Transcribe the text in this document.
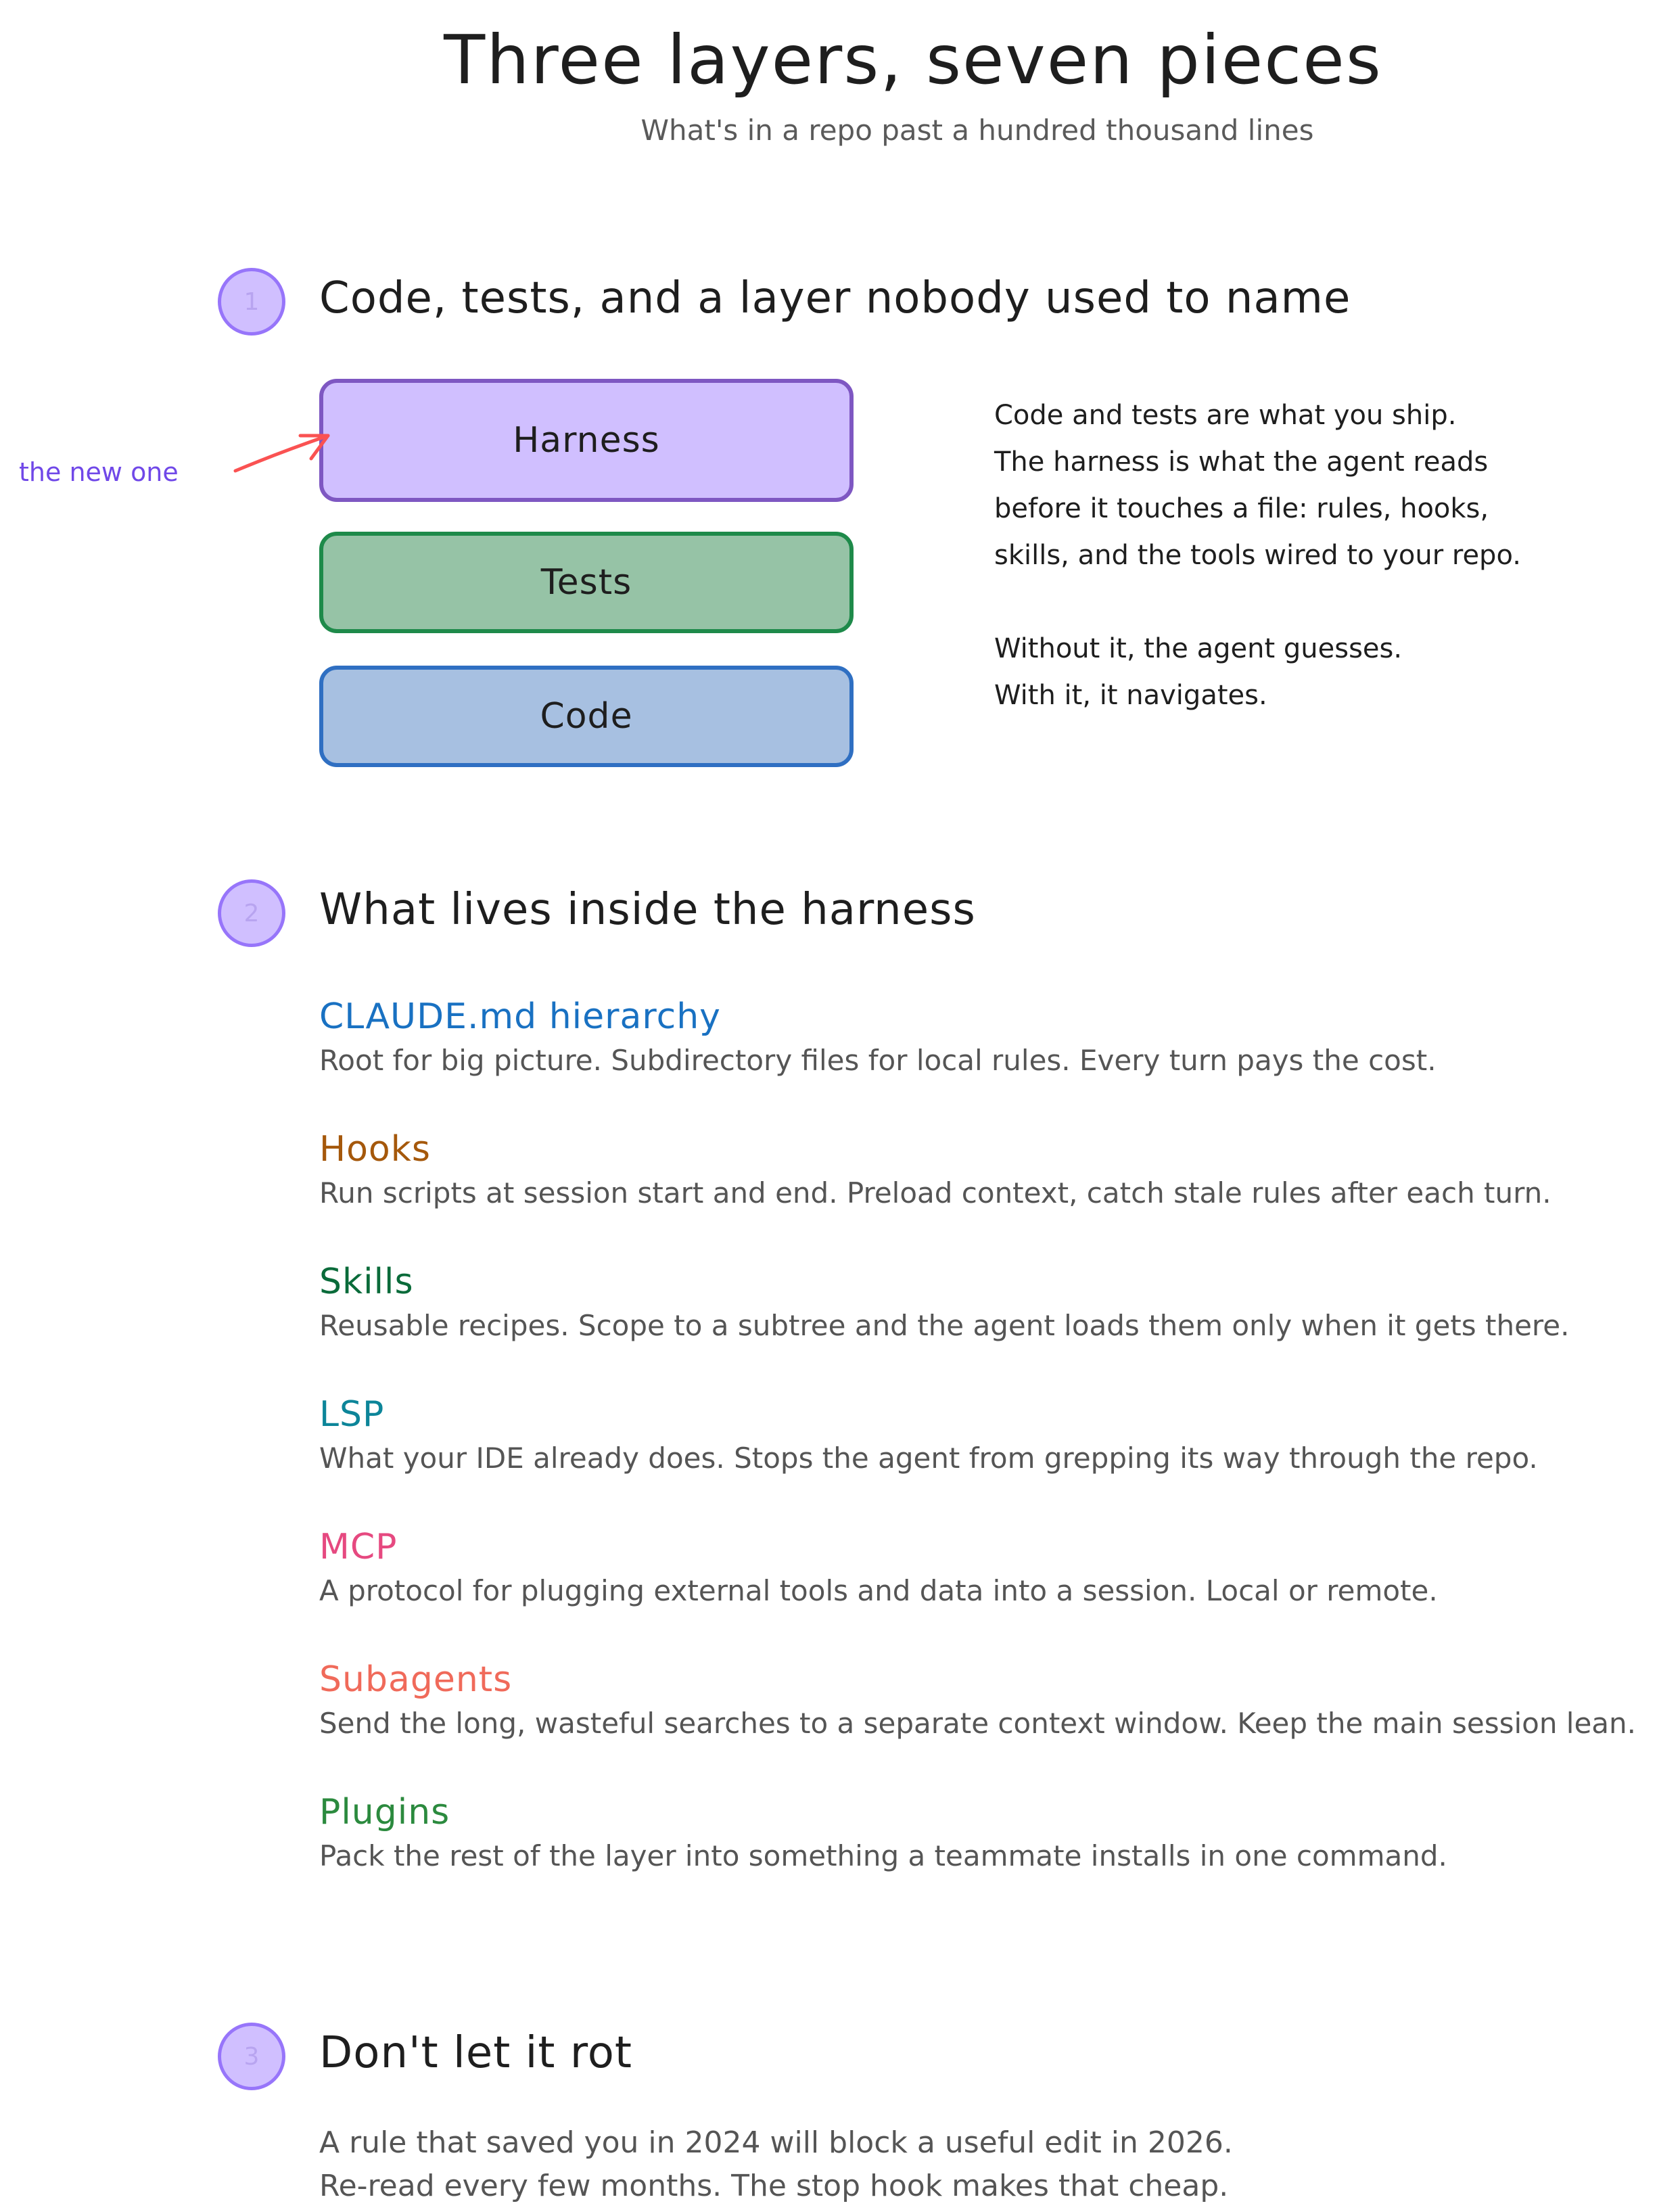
Three layers, seven pieces
What's in a repo past a hundred thousand lines
1 Code, tests, and a layer nobody used to name
Harness
Tests
Code
the new one
Code and tests are what you ship.
The harness is what the agent reads
before it touches a file: rules, hooks,
skills, and the tools wired to your repo.
Without it, the agent guesses.
With it, it navigates.
2 What lives inside the harness
CLAUDE.md hierarchy
Root for big picture. Subdirectory files for local rules. Every turn pays the cost.
Hooks
Run scripts at session start and end. Preload context, catch stale rules after each turn.
Skills
Reusable recipes. Scope to a subtree and the agent loads them only when it gets there.
LSP
What your IDE already does. Stops the agent from grepping its way through the repo.
MCP
A protocol for plugging external tools and data into a session. Local or remote.
Subagents
Send the long, wasteful searches to a separate context window. Keep the main session lean.
Plugins
Pack the rest of the layer into something a teammate installs in one command.
3 Don't let it rot
A rule that saved you in 2024 will block a useful edit in 2026.
Re-read every few months. The stop hook makes that cheap.
